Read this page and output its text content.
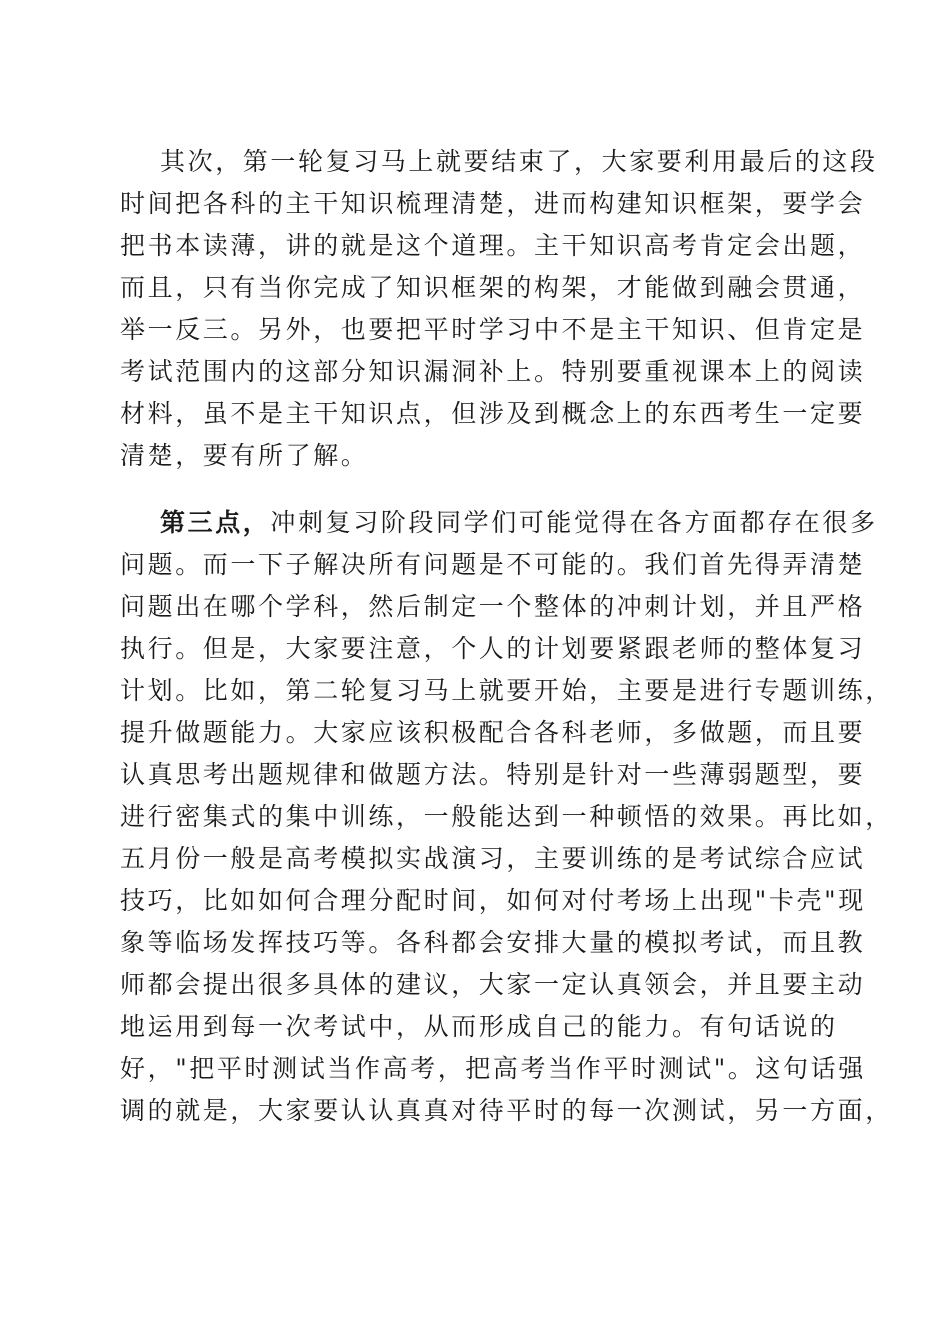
其次，第一轮复习马上就要结束了，大家要利用最后的这段
时间把各科的主干知识梳理清楚，进而构建知识框架，要学会
把书本读薄，讲的就是这个道理。主干知识高考肯定会出题，
而且，只有当你完成了知识框架的构架，才能做到融会贯通，
举一反三。另外，也要把平时学习中不是主干知识、但肯定是
考试范围内的这部分知识漏洞补上。特别要重视课本上的阅读
材料，虽不是主干知识点，但涉及到概念上的东西考生一定要
清楚，要有所了解。
第三点，冲刺复习阶段同学们可能觉得在各方面都存在很多
问题。而一下子解决所有问题是不可能的。我们首先得弄清楚
问题出在哪个学科，然后制定一个整体的冲刺计划，并且严格
执行。但是，大家要注意，个人的计划要紧跟老师的整体复习
计划。比如，第二轮复习马上就要开始，主要是进行专题训练，
提升做题能力。大家应该积极配合各科老师，多做题，而且要
认真思考出题规律和做题方法。特别是针对一些薄弱题型，要
进行密集式的集中训练，一般能达到一种顿悟的效果。再比如，
五月份一般是高考模拟实战演习，主要训练的是考试综合应试
技巧，比如如何合理分配时间，如何对付考场上出现"卡壳"现
象等临场发挥技巧等。各科都会安排大量的模拟考试，而且教
师都会提出很多具体的建议，大家一定认真领会，并且要主动
地运用到每一次考试中，从而形成自己的能力。有句话说的
好，"把平时测试当作高考，把高考当作平时测试"。这句话强
调的就是，大家要认认真真对待平时的每一次测试，另一方面，
